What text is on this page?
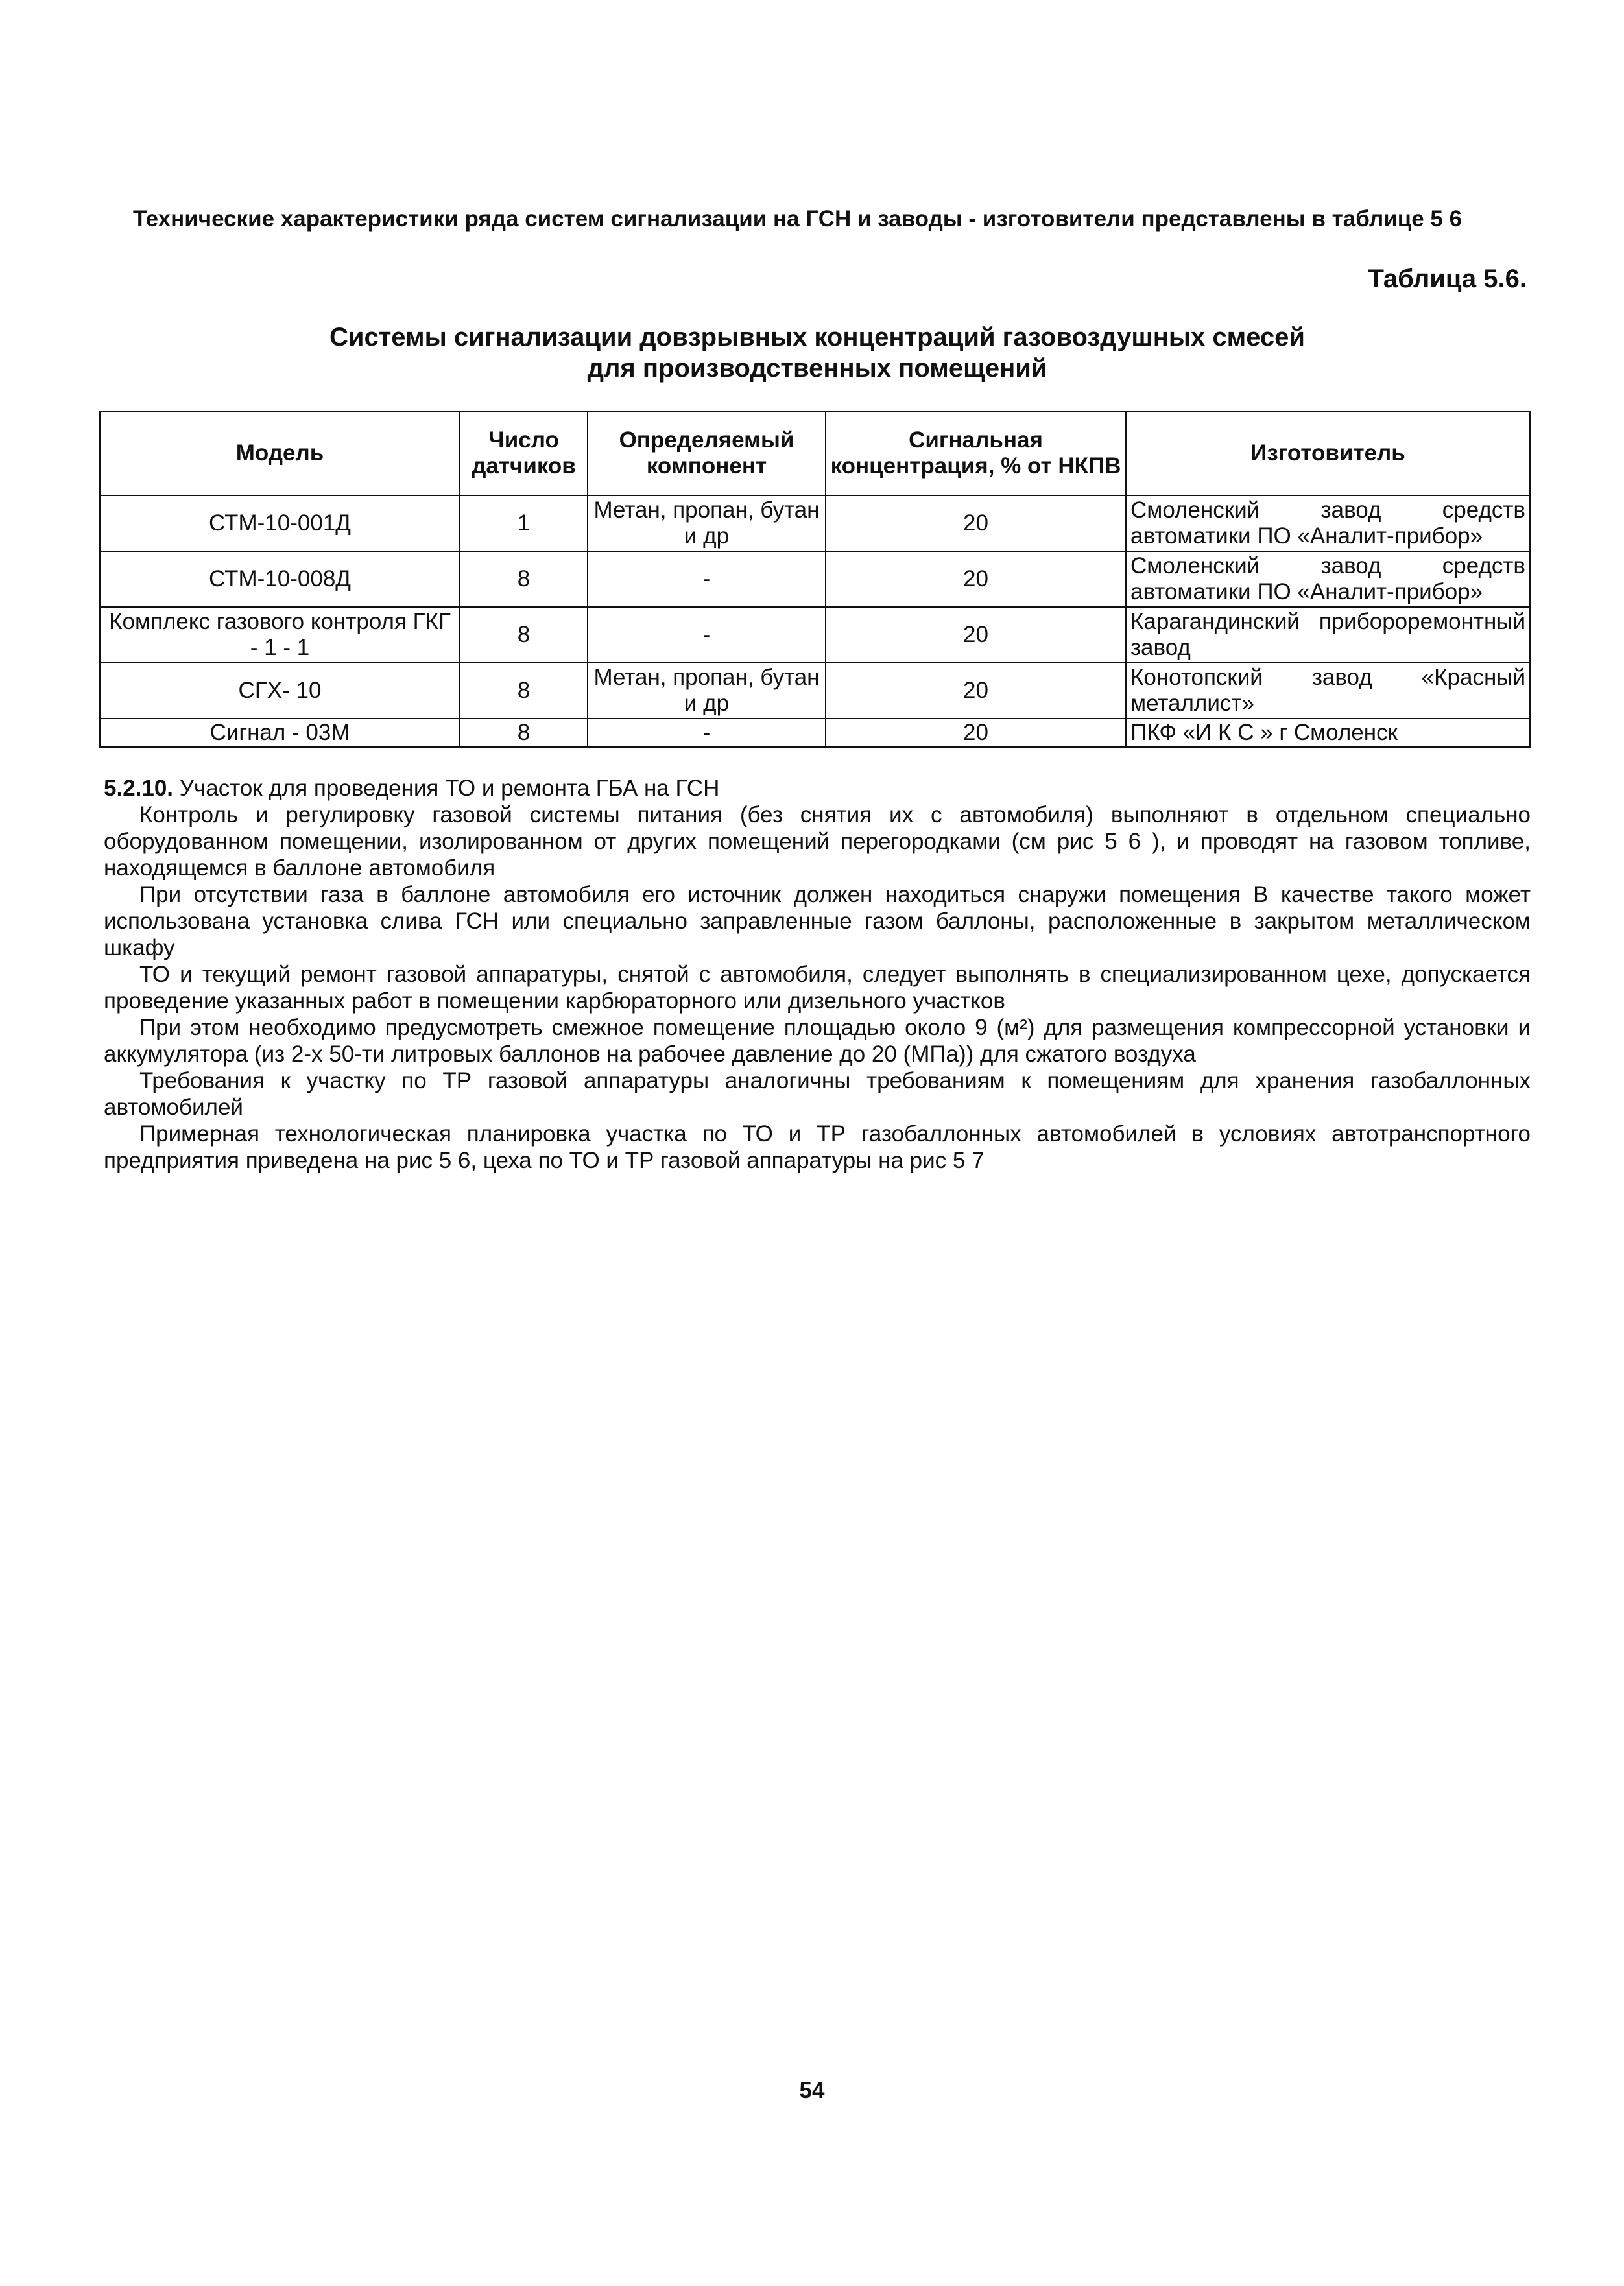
Технические характеристики ряда систем сигнализации на ГСН и заводы - изготовители представлены в таблице 5 6
Таблица 5.6.
Системы сигнализации довзрывных концентраций газовоздушных смесей
для производственных помещений
Модель	Число датчиков	Определяемый компонент	Сигнальная концентрация, % от НКПВ	Изготовитель
СТМ-10-001Д	1	Метан, пропан, бутан и др	20	Смоленский завод средств автоматики ПО «Аналит-прибор»
СТМ-10-008Д	8	-	20	Смоленский завод средств автоматики ПО «Аналит-прибор»
Комплекс газового контроля ГКГ - 1 - 1	8	-	20	Карагандинский прибороремонтный завод
СГХ- 10	8	Метан, пропан, бутан и др	20	Конотопский завод «Красный металлист»
Сигнал - 03М	8	-	20	ПКФ «И К С » г Смоленск

5.2.10. Участок для проведения ТО и ремонта ГБА на ГСН

Контроль и регулировку газовой системы питания (без снятия их с автомобиля) выполняют в отдельном специально оборудованном помещении, изолированном от других помещений перегородками (см рис 5 6 ), и проводят на газовом топливе, находящемся в баллоне автомобиля

При отсутствии газа в баллоне автомобиля его источник должен находиться снаружи помещения В качестве такого может использована установка слива ГСН или специально заправленные газом баллоны, расположенные в закрытом металлическом шкафу

ТО и текущий ремонт газовой аппаратуры, снятой с автомобиля, следует выполнять в специализированном цехе, допускается проведение указанных работ в помещении карбюраторного или дизельного участков

При этом необходимо предусмотреть смежное помещение площадью около 9 (м²) для размещения компрессорной установки и аккумулятора (из 2-х 50-ти литровых баллонов на рабочее давление до 20 (МПа)) для сжатого воздуха

Требования к участку по ТР газовой аппаратуры аналогичны требованиям к помещениям для хранения газобаллонных автомобилей

Примерная технологическая планировка участка по ТО и ТР газобаллонных автомобилей в условиях автотранспортного предприятия приведена на рис 5 6, цеха по ТО и ТР газовой аппаратуры на рис 5 7

54
